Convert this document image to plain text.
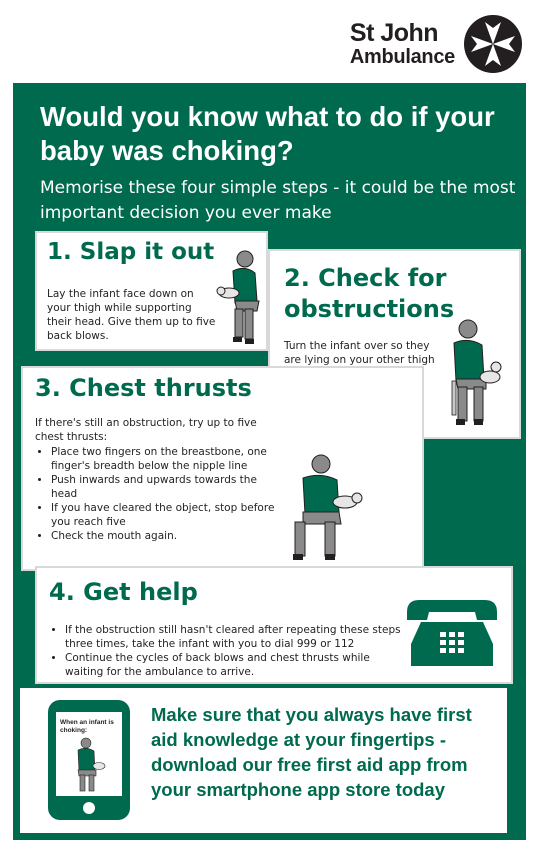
St John
Ambulance
Would you know what to do if your baby was choking?

Memorise these four simple steps - it could be the most important decision you ever make

1. Slap it out

Lay the infant face down on your thigh while supporting their head. Give them up to five back blows.

2. Check for
obstructions

Turn the infant over so they are lying on your other thigh

3. Chest thrusts

If there's still an obstruction, try up to five chest thrusts:

• Place two fingers on the breastbone, one finger's breadth below the nipple line
• Push inwards and upwards towards the head
• If you have cleared the object, stop before you reach five
• Check the mouth again.
4. Get help
• If the obstruction still hasn't cleared after repeating these steps three times, take the infant with you to dial 999 or 112
• Continue the cycles of back blows and chest thrusts while waiting for the ambulance to arrive.
When an infant is
choking:

Make sure that you always have first aid knowledge at your fingertips - download our free first aid app from your smartphone app store today
